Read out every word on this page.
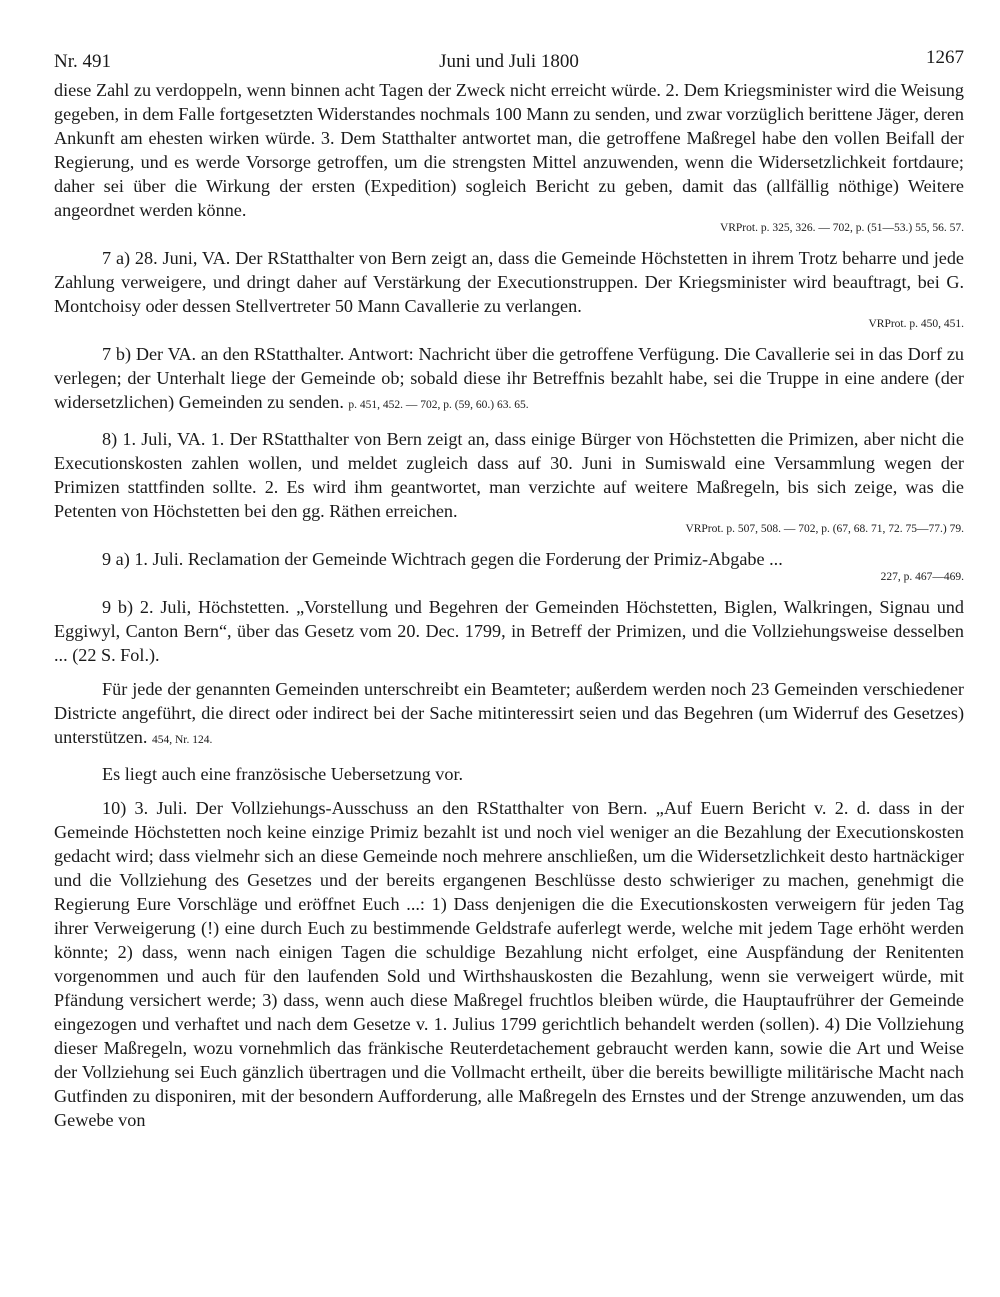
Nr. 491	Juni und Juli 1800	1267

diese Zahl zu verdoppeln, wenn binnen acht Tagen der Zweck nicht erreicht würde. 2. Dem Kriegsminister wird die Weisung gegeben, in dem Falle fortgesetzten Widerstandes nochmals 100 Mann zu senden, und zwar vorzüglich berittene Jäger, deren Ankunft am ehesten wirken würde. 3. Dem Statthalter antwortet man, die getroffene Maßregel habe den vollen Beifall der Regierung, und es werde Vorsorge getroffen, um die strengsten Mittel anzuwenden, wenn die Widersetzlichkeit fortdaure; daher sei über die Wirkung der ersten (Expedition) sogleich Bericht zu geben, damit das (allfällig nöthige) Weitere angeordnet werden könne.

VRProt. p. 325, 326. — 702, p. (51—53.) 55, 56. 57.

7 a) 28. Juni, VA. Der RStatthalter von Bern zeigt an, dass die Gemeinde Höchstetten in ihrem Trotz beharre und jede Zahlung verweigere, und dringt daher auf Verstärkung der Executionstruppen. Der Kriegsminister wird beauftragt, bei G. Montchoisy oder dessen Stellvertreter 50 Mann Cavallerie zu verlangen.

VRProt. p. 450, 451.

7 b) Der VA. an den RStatthalter. Antwort: Nachricht über die getroffene Verfügung. Die Cavallerie sei in das Dorf zu verlegen; der Unterhalt liege der Gemeinde ob; sobald diese ihr Betreffnis bezahlt habe, sei die Truppe in eine andere (der widersetzlichen) Gemeinden zu senden. p. 451, 452. — 702, p. (59, 60.) 63. 65.

8) 1. Juli, VA. 1. Der RStatthalter von Bern zeigt an, dass einige Bürger von Höchstetten die Primizen, aber nicht die Executionskosten zahlen wollen, und meldet zugleich dass auf 30. Juni in Sumiswald eine Versammlung wegen der Primizen stattfinden sollte. 2. Es wird ihm geantwortet, man verzichte auf weitere Maßregeln, bis sich zeige, was die Petenten von Höchstetten bei den gg. Räthen erreichen.

VRProt. p. 507, 508. — 702, p. (67, 68. 71, 72. 75—77.) 79.

9 a) 1. Juli. Reclamation der Gemeinde Wichtrach gegen die Forderung der Primiz-Abgabe ...

227, p. 467—469.

9 b) 2. Juli, Höchstetten. „Vorstellung und Begehren der Gemeinden Höchstetten, Biglen, Walkringen, Signau und Eggiwyl, Canton Bern“, über das Gesetz vom 20. Dec. 1799, in Betreff der Primizen, und die Vollziehungsweise desselben ... (22 S. Fol.).

Für jede der genannten Gemeinden unterschreibt ein Beamteter; außerdem werden noch 23 Gemeinden verschiedener Districte angeführt, die direct oder indirect bei der Sache mitinteressirt seien und das Begehren (um Widerruf des Gesetzes) unterstützen. 454, Nr. 124.

Es liegt auch eine französische Uebersetzung vor.

10) 3. Juli. Der Vollziehungs-Ausschuss an den RStatthalter von Bern. „Auf Euern Bericht v. 2. d. dass in der Gemeinde Höchstetten noch keine einzige Primiz bezahlt ist und noch viel weniger an die Bezahlung der Executionskosten gedacht wird; dass vielmehr sich an diese Gemeinde noch mehrere anschließen, um die Widersetzlichkeit desto hartnäckiger und die Vollziehung des Gesetzes und der bereits ergangenen Beschlüsse desto schwieriger zu machen, genehmigt die Regierung Eure Vorschläge und eröffnet Euch ...: 1) Dass denjenigen die die Executionskosten verweigern für jeden Tag ihrer Verweigerung (!) eine durch Euch zu bestimmende Geldstrafe auferlegt werde, welche mit jedem Tage erhöht werden könnte; 2) dass, wenn nach einigen Tagen die schuldige Bezahlung nicht erfolget, eine Auspfändung der Renitenten vorgenommen und auch für den laufenden Sold und Wirthshauskosten die Bezahlung, wenn sie verweigert würde, mit Pfändung versichert werde; 3) dass, wenn auch diese Maßregel fruchtlos bleiben würde, die Hauptaufrührer der Gemeinde eingezogen und verhaftet und nach dem Gesetze v. 1. Julius 1799 gerichtlich behandelt werden (sollen). 4) Die Vollziehung dieser Maßregeln, wozu vornehmlich das fränkische Reuterdetachement gebraucht werden kann, sowie die Art und Weise der Vollziehung sei Euch gänzlich übertragen und die Vollmacht ertheilt, über die bereits bewilligte militärische Macht nach Gutfinden zu disponiren, mit der besondern Aufforderung, alle Maßregeln des Ernstes und der Strenge anzuwenden, um das Gewebe von
